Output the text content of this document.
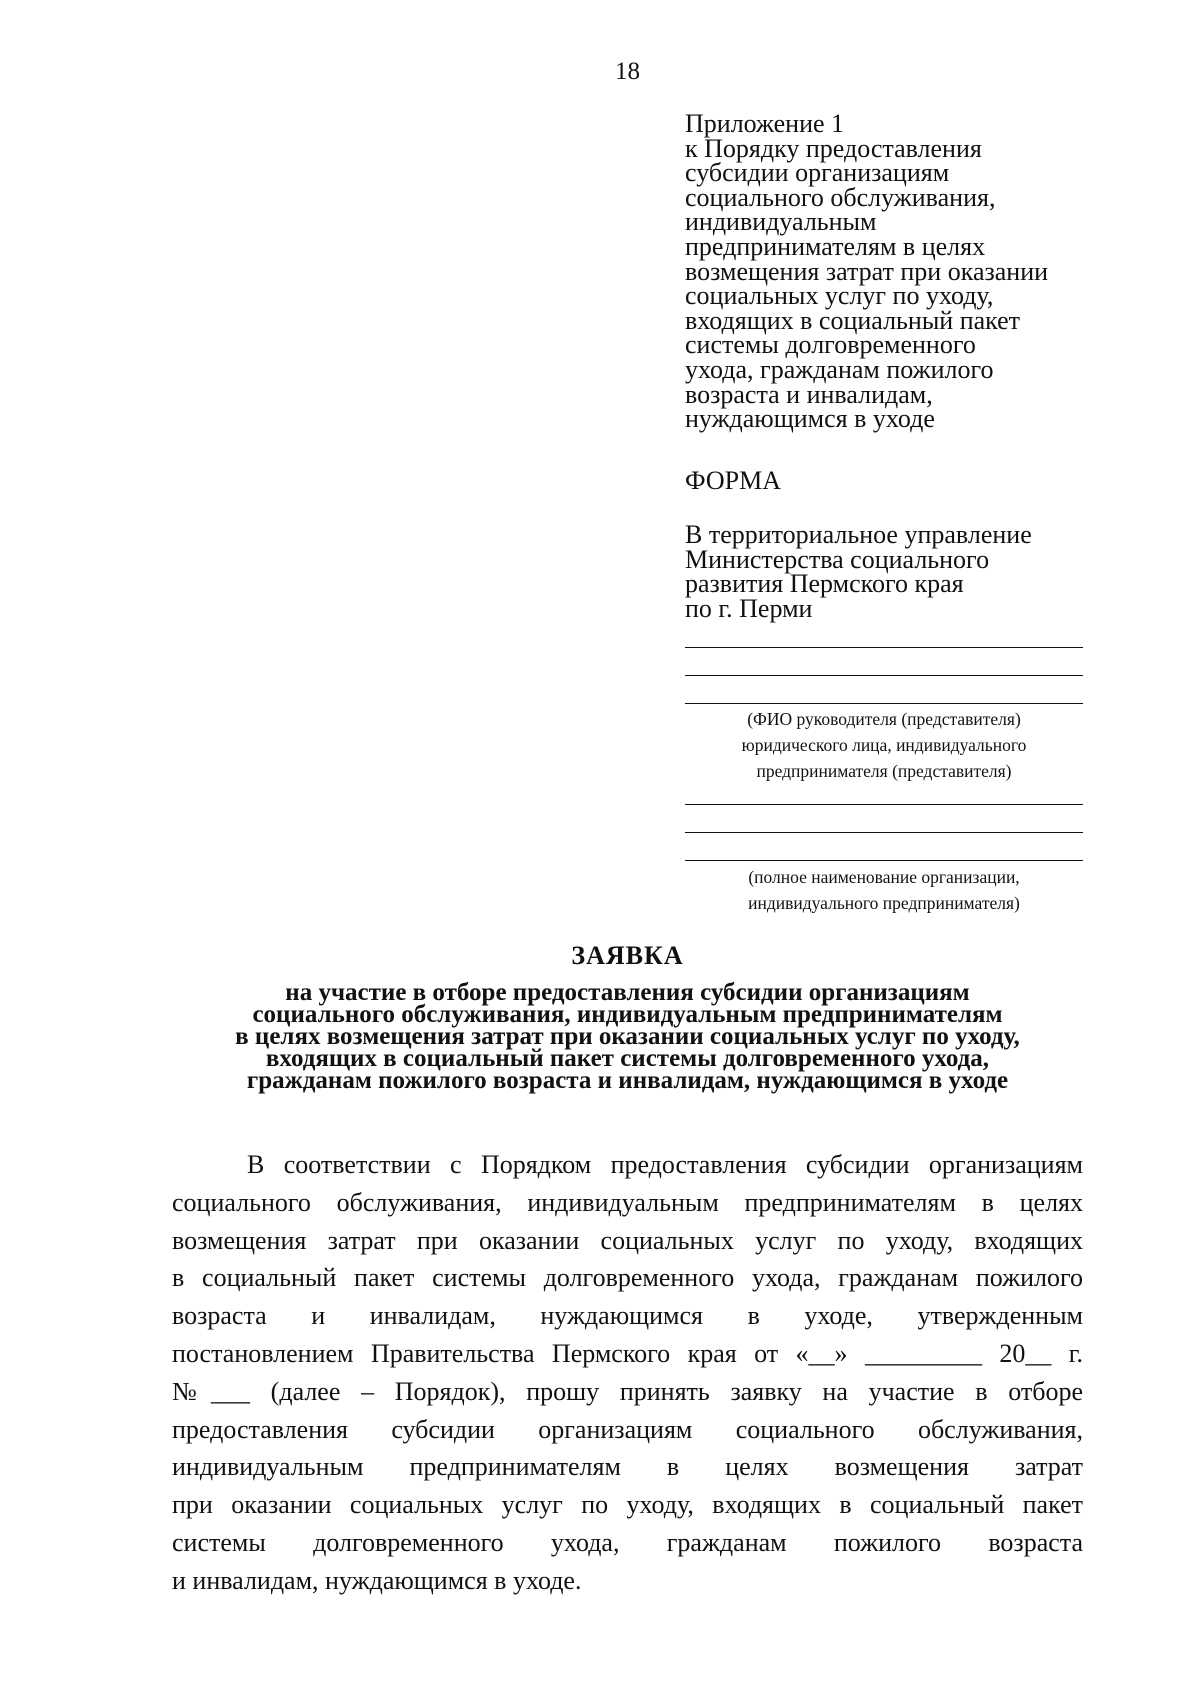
18
Приложение 1
к Порядку предоставления
субсидии организациям
социального обслуживания,
индивидуальным
предпринимателям в целях
возмещения затрат при оказании
социальных услуг по уходу,
входящих в социальный пакет
системы долговременного
ухода, гражданам пожилого
возраста и инвалидам,
нуждающимся в уходе
ФОРМА
В территориальное управление
Министерства социального
развития Пермского края
по г. Перми
(ФИО руководителя (представителя)
юридического лица, индивидуального
предпринимателя (представителя)
(полное наименование организации,
индивидуального предпринимателя)
ЗАЯВКА
на участие в отборе предоставления субсидии организациям
социального обслуживания, индивидуальным предпринимателям
в целях возмещения затрат при оказании социальных услуг по уходу,
входящих в социальный пакет системы долговременного ухода,
гражданам пожилого возраста и инвалидам, нуждающимся в уходе
В соответствии с Порядком предоставления субсидии организациям
социального обслуживания, индивидуальным предпринимателям в целях
возмещения затрат при оказании социальных услуг по уходу, входящих
в социальный пакет системы долговременного ухода, гражданам пожилого
возраста и инвалидам, нуждающимся в уходе, утвержденным
постановлением Правительства Пермского края от «__» _________ 20__ г.
№___ (далее – Порядок), прошу принять заявку на участие в отборе
предоставления субсидии организациям социального обслуживания,
индивидуальным предпринимателям в целях возмещения затрат
при оказании социальных услуг по уходу, входящих в социальный пакет
системы долговременного ухода, гражданам пожилого возраста
и инвалидам, нуждающимся в уходе.
